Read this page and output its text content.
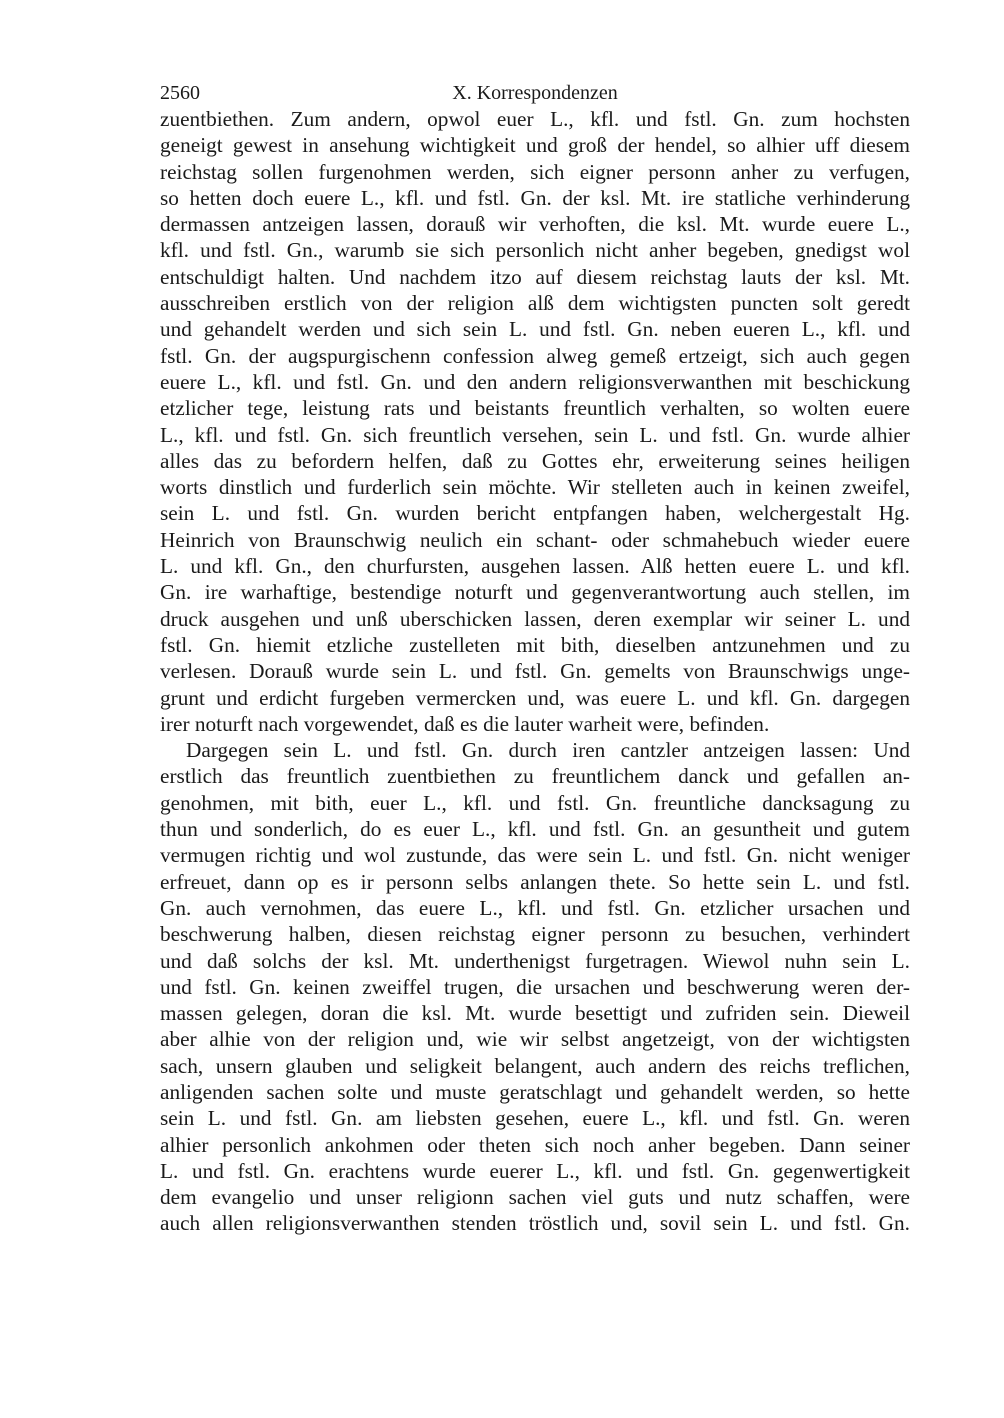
2560	X. Korrespondenzen
zuentbiethen. Zum andern, opwol euer L., kfl. und fstl. Gn. zum hochsten
geneigt gewest in ansehung wichtigkeit und groß der hendel, so alhier uff diesem
reichstag sollen furgenohmen werden, sich eigner personn anher zu verfugen,
so hetten doch euere L., kfl. und fstl. Gn. der ksl. Mt. ire statliche verhinderung
dermassen antzeigen lassen, dorauß wir verhoften, die ksl. Mt. wurde euere L.,
kfl. und fstl. Gn., warumb sie sich personlich nicht anher begeben, gnedigst wol
entschuldigt halten. Und nachdem itzo auf diesem reichstag lauts der ksl. Mt.
ausschreiben erstlich von der religion alß dem wichtigsten puncten solt geredt
und gehandelt werden und sich sein L. und fstl. Gn. neben eueren L., kfl. und
fstl. Gn. der augspurgischenn confession alweg gemeß ertzeigt, sich auch gegen
euere L., kfl. und fstl. Gn. und den andern religionsverwanthen mit beschickung
etzlicher tege, leistung rats und beistants freuntlich verhalten, so wolten euere
L., kfl. und fstl. Gn. sich freuntlich versehen, sein L. und fstl. Gn. wurde alhier
alles das zu befordern helfen, daß zu Gottes ehr, erweiterung seines heiligen
worts dinstlich und furderlich sein möchte. Wir stelleten auch in keinen zweifel,
sein L. und fstl. Gn. wurden bericht entpfangen haben, welchergestalt Hg.
Heinrich von Braunschwig neulich ein schant- oder schmahebuch wieder euere
L. und kfl. Gn., den churfursten, ausgehen lassen. Alß hetten euere L. und kfl.
Gn. ire warhaftige, bestendige noturft und gegenverantwortung auch stellen, im
druck ausgehen und unß uberschicken lassen, deren exemplar wir seiner L. und
fstl. Gn. hiemit etzliche zustelleten mit bith, dieselben antzunehmen und zu
verlesen. Dorauß wurde sein L. und fstl. Gn. gemelts von Braunschwigs unge-
grunt und erdicht furgeben vermercken und, was euere L. und kfl. Gn. dargegen
irer noturft nach vorgewendet, daß es die lauter warheit were, befinden.
Dargegen sein L. und fstl. Gn. durch iren cantzler antzeigen lassen: Und
erstlich das freuntlich zuentbiethen zu freuntlichem danck und gefallen an-
genohmen, mit bith, euer L., kfl. und fstl. Gn. freuntliche dancksagung zu
thun und sonderlich, do es euer L., kfl. und fstl. Gn. an gesuntheit und gutem
vermugen richtig und wol zustunde, das were sein L. und fstl. Gn. nicht weniger
erfreuet, dann op es ir personn selbs anlangen thete. So hette sein L. und fstl.
Gn. auch vernohmen, das euere L., kfl. und fstl. Gn. etzlicher ursachen und
beschwerung halben, diesen reichstag eigner personn zu besuchen, verhindert
und daß solchs der ksl. Mt. underthenigst furgetragen. Wiewol nuhn sein L.
und fstl. Gn. keinen zweiffel trugen, die ursachen und beschwerung weren der-
massen gelegen, doran die ksl. Mt. wurde besettigt und zufriden sein. Dieweil
aber alhie von der religion und, wie wir selbst angetzeigt, von der wichtigsten
sach, unsern glauben und seligkeit belangent, auch andern des reichs treflichen,
anligenden sachen solte und muste geratschlagt und gehandelt werden, so hette
sein L. und fstl. Gn. am liebsten gesehen, euere L., kfl. und fstl. Gn. weren
alhier personlich ankohmen oder theten sich noch anher begeben. Dann seiner
L. und fstl. Gn. erachtens wurde euerer L., kfl. und fstl. Gn. gegenwertigkeit
dem evangelio und unser religionn sachen viel guts und nutz schaffen, were
auch allen religionsverwanthen stenden tröstlich und, sovil sein L. und fstl. Gn.
